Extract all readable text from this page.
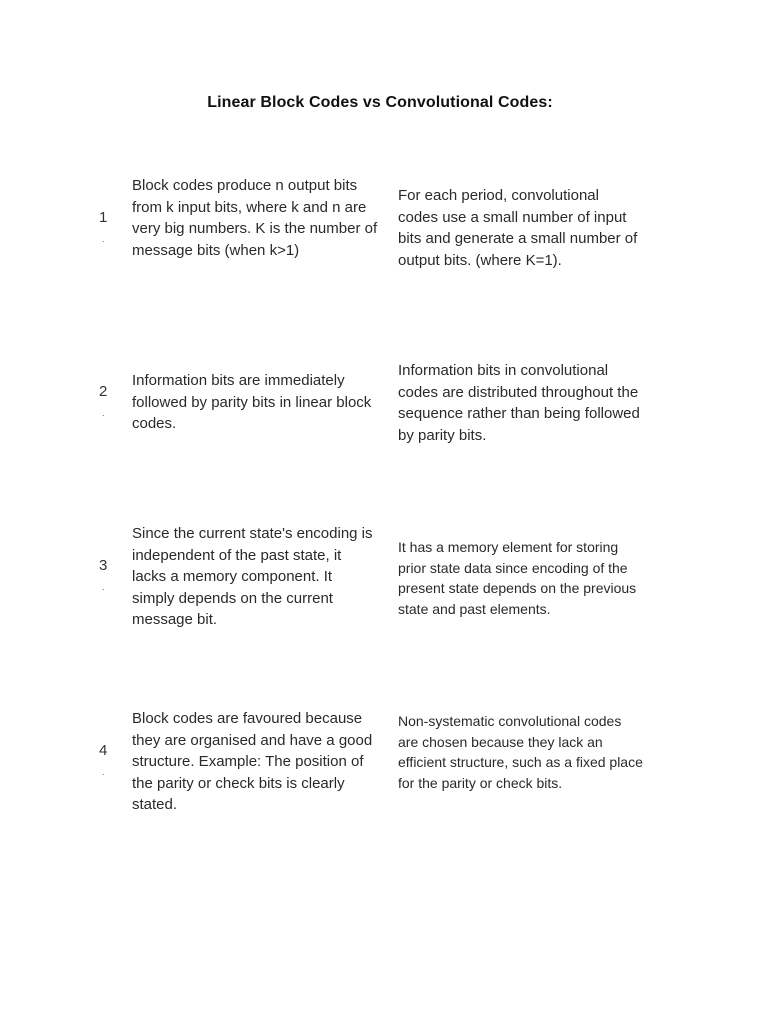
Linear Block Codes vs Convolutional Codes:
1
.
Block codes produce n output bits from k input bits, where k and n are very big numbers. K is the number of message bits (when k>1)
For each period, convolutional codes use a small number of input bits and generate a small number of output bits. (where K=1).
2
.
Information bits are immediately followed by parity bits in linear block codes.
Information bits in convolutional codes are distributed throughout the sequence rather than being followed by parity bits.
3
.
Since the current state's encoding is independent of the past state, it lacks a memory component. It simply depends on the current message bit.
It has a memory element for storing prior state data since encoding of the present state depends on the previous state and past elements.
4
.
Block codes are favoured because they are organised and have a good structure. Example: The position of the parity or check bits is clearly stated.
Non-systematic convolutional codes are chosen because they lack an efficient structure, such as a fixed place for the parity or check bits.
